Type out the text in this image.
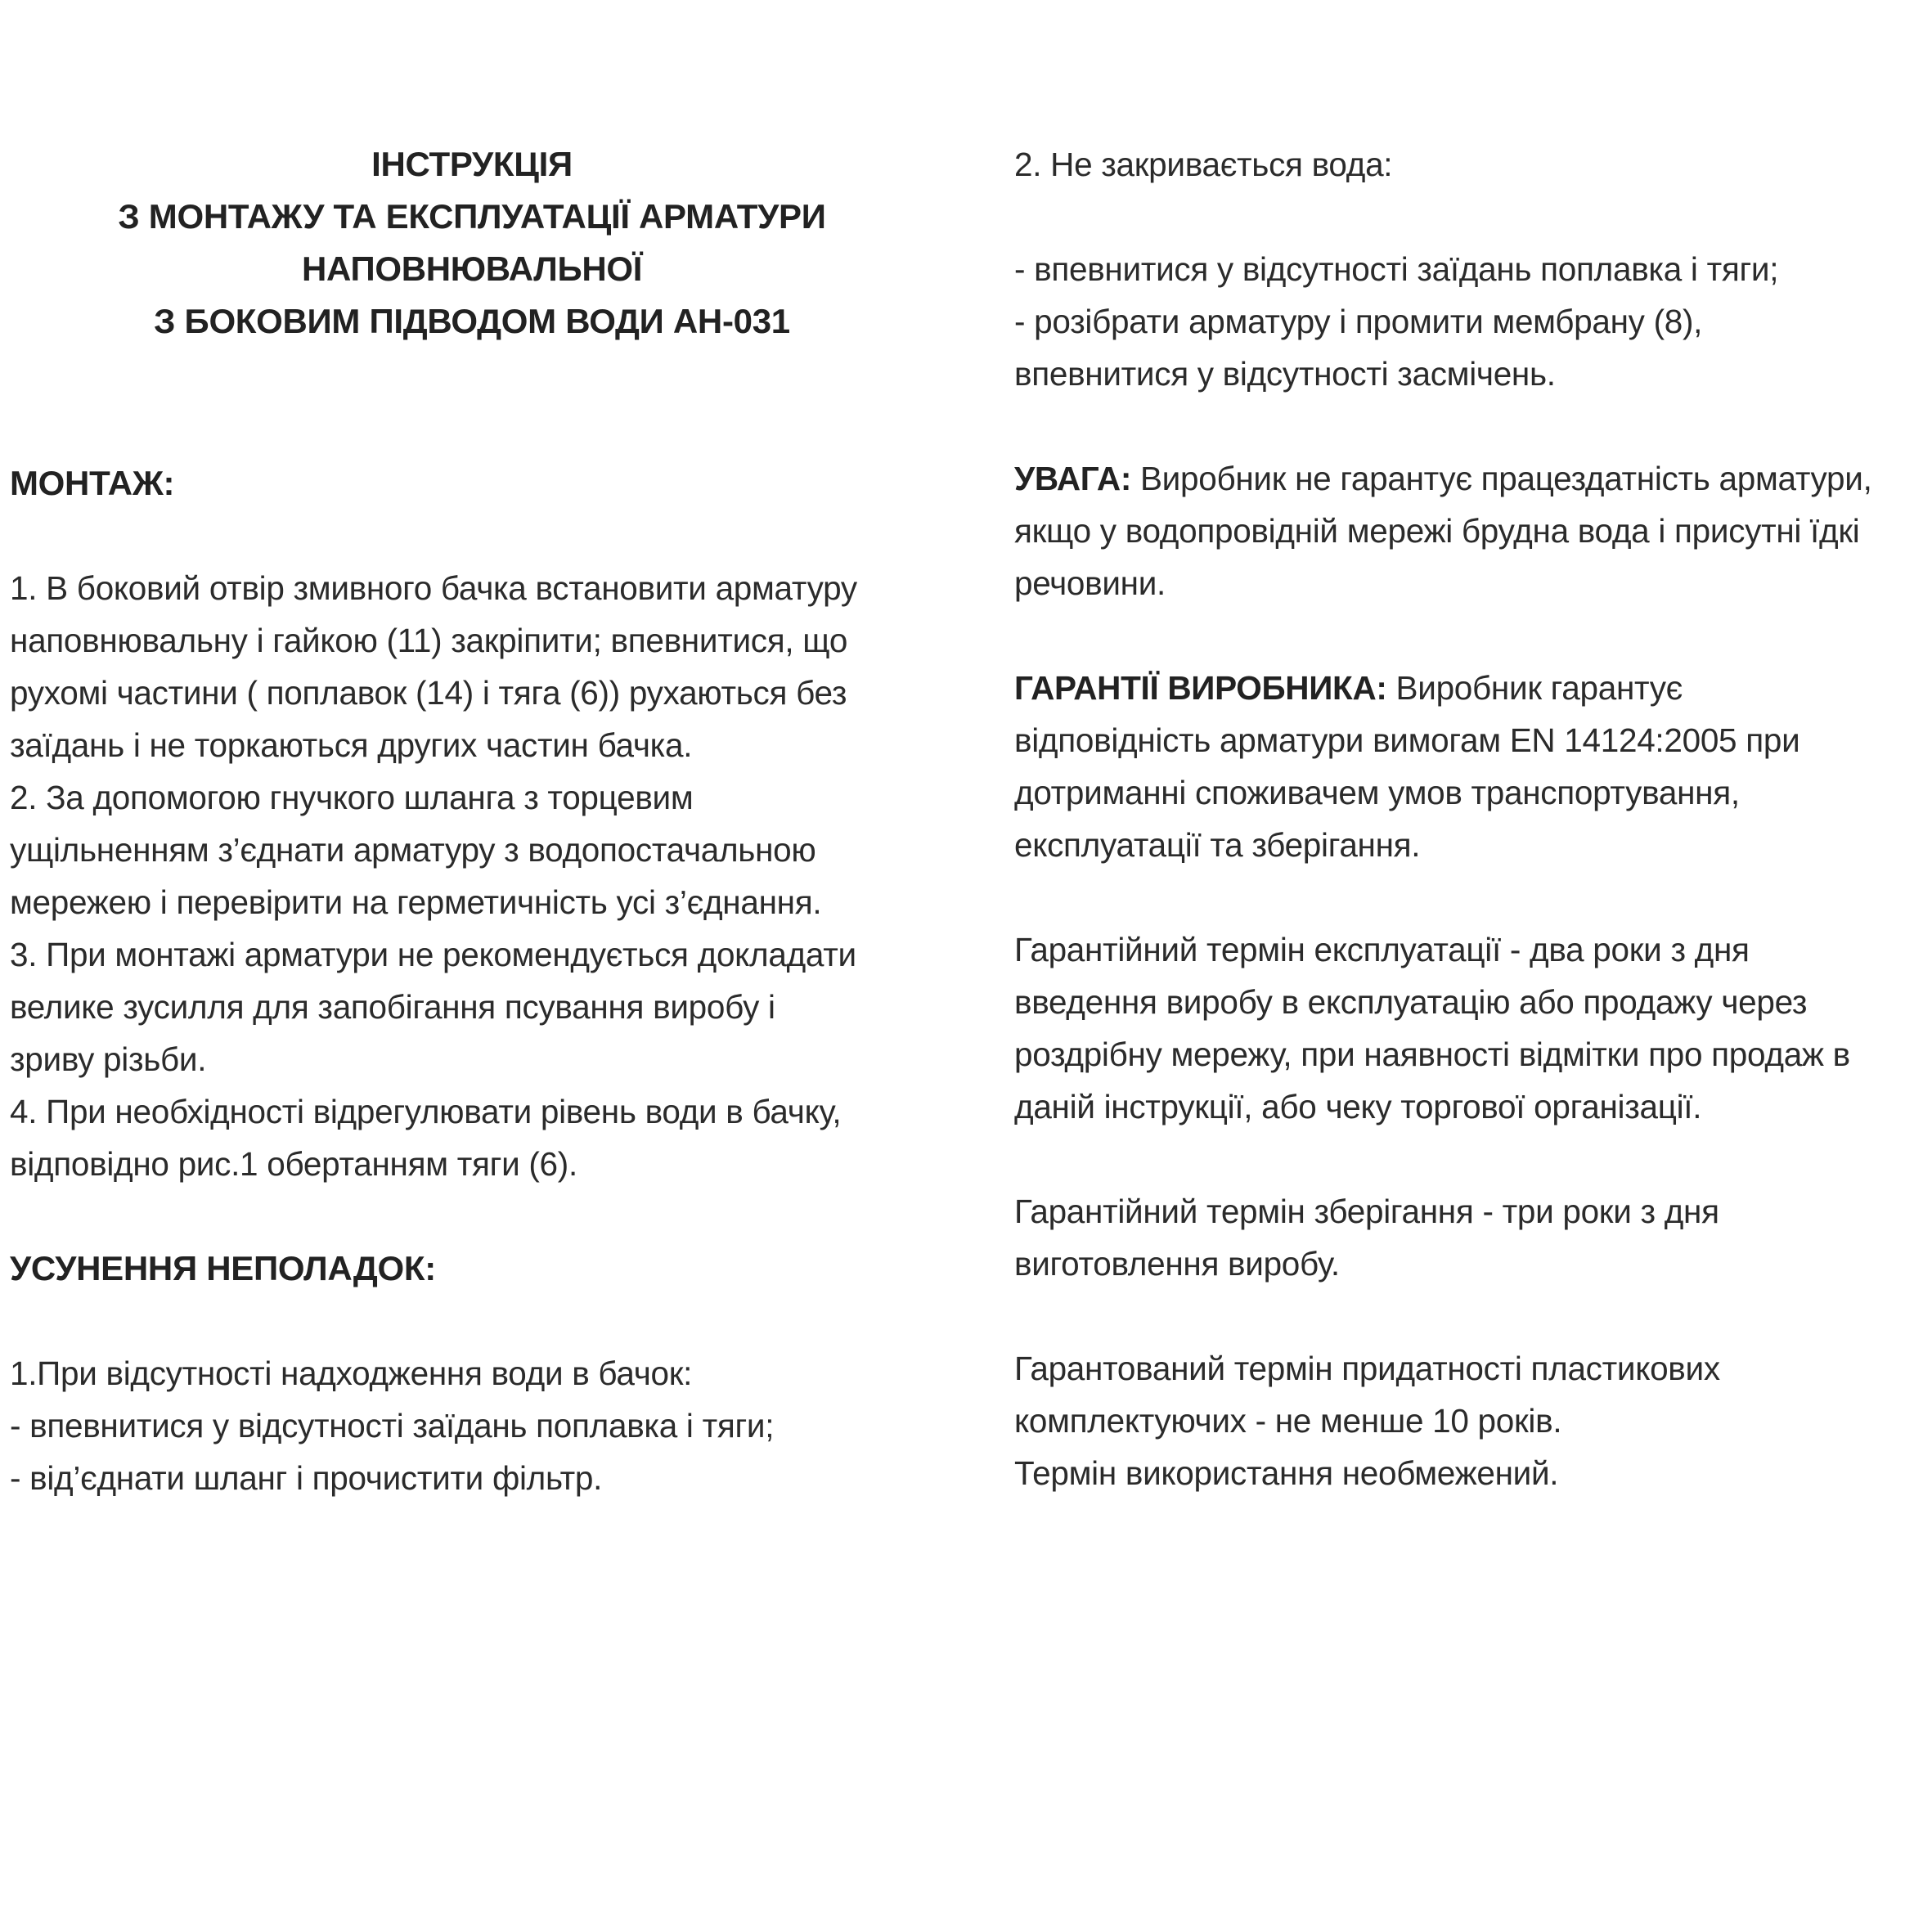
ІНСТРУКЦІЯ
З МОНТАЖУ ТА ЕКСПЛУАТАЦІЇ АРМАТУРИ
НАПОВНЮВАЛЬНОЇ
З БОКОВИМ ПІДВОДОМ ВОДИ АН-031
МОНТАЖ:
1. В боковий отвір змивного бачка встановити арматуру
наповнювальну і гайкою (11) закріпити; впевнитися, що
рухомі частини ( поплавок (14) і тяга (6)) рухаються без
заїдань і не торкаються других частин бачка.
2. За допомогою гнучкого шланга з торцевим
ущільненням з’єднати арматуру з водопостачальною
мережею і перевірити на герметичність усі з’єднання.
3. При монтажі арматури не рекомендується докладати
велике зусилля для запобігання псування виробу і
зриву різьби.
4. При необхідності відрегулювати рівень води в бачку,
відповідно рис.1 обертанням тяги (6).
УСУНЕННЯ НЕПОЛАДОК:
1.При відсутності надходження води в бачок:
- впевнитися у відсутності заїдань поплавка і тяги;
- від’єднати шланг і прочистити фільтр.
2. Не закривається вода:
- впевнитися у відсутності заїдань поплавка і тяги;
- розібрати арматуру і промити мембрану (8),
впевнитися у відсутності засмічень.
УВАГА: Виробник не гарантує працездатність арматури,
якщо у водопровідній мережі брудна вода і присутні їдкі
речовини.
ГАРАНТІЇ ВИРОБНИКА: Виробник гарантує
відповідність арматури вимогам EN 14124:2005 при
дотриманні споживачем умов транспортування,
експлуатації та зберігання.
Гарантійний термін експлуатації - два роки з дня
введення виробу в експлуатацію або продажу через
роздрібну мережу, при наявності відмітки про продаж в
даній інструкції, або чеку торгової організації.
Гарантійний термін зберігання - три роки з дня
виготовлення виробу.
Гарантований термін придатності пластикових
комплектуючих - не менше 10 років.
Термін використання необмежений.
